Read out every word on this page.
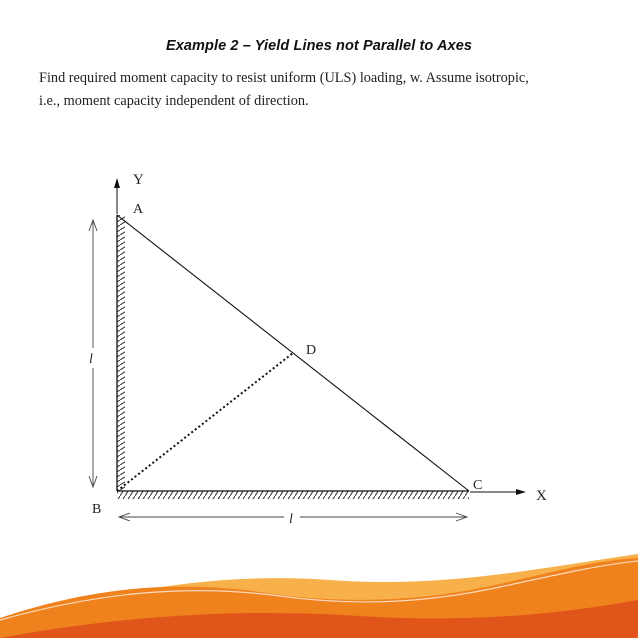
Example 2 – Yield Lines not Parallel to Axes
Find required moment capacity to resist uniform (ULS) loading, w. Assume isotropic,
i.e., moment capacity independent of direction.
Y
X
A
B
C
D
l
l
